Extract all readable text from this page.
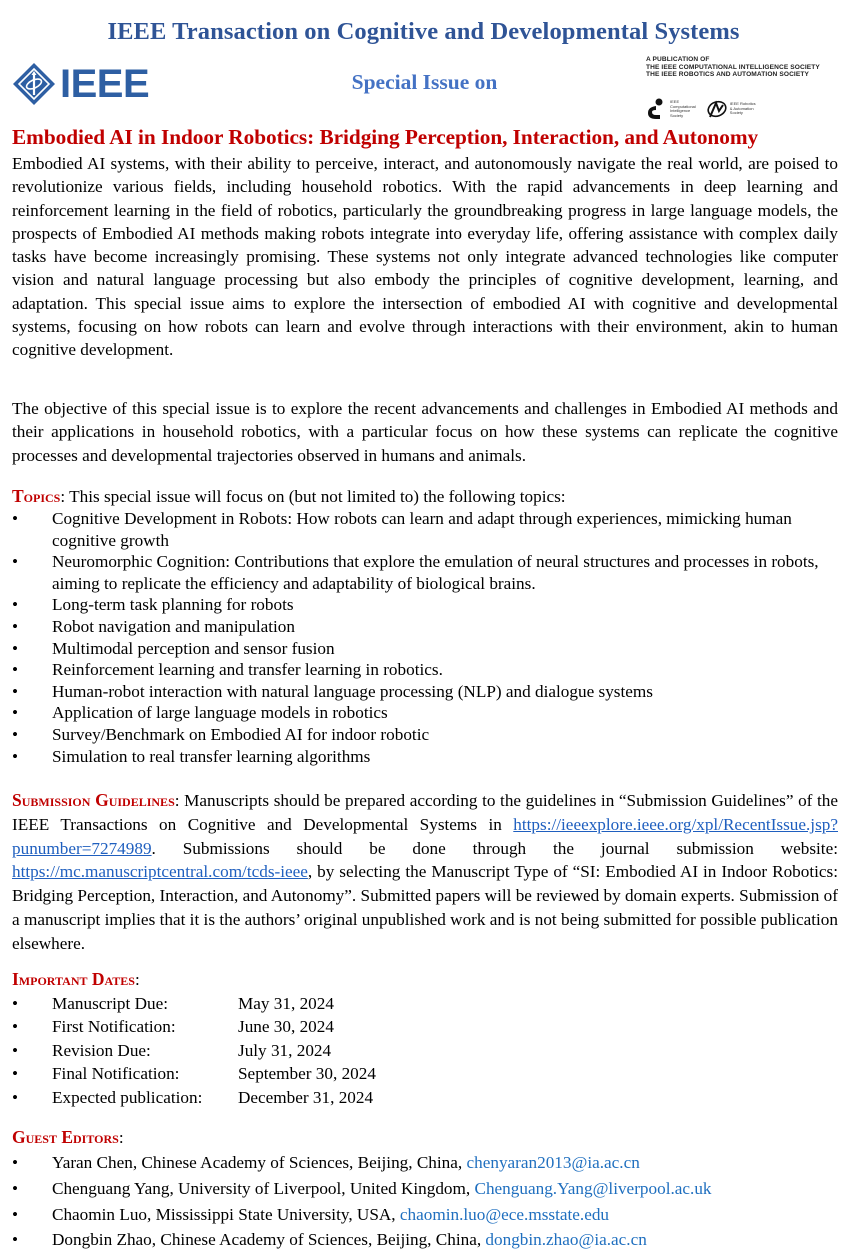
IEEE Transaction on Cognitive and Developmental Systems
IEEE	Special Issue on
A PUBLICATION OF
THE IEEE COMPUTATIONAL INTELLIGENCE SOCIETY
THE IEEE ROBOTICS AND AUTOMATION SOCIETY
IEEE
Computational
Intelligence
Society
IEEE Robotics
& Automation
Society
Embodied AI in Indoor Robotics: Bridging Perception, Interaction, and Autonomy

Embodied AI systems, with their ability to perceive, interact, and autonomously navigate the real world, are poised to revolutionize various fields, including household robotics. With the rapid advancements in deep learning and reinforcement learning in the field of robotics, particularly the groundbreaking progress in large language models, the prospects of Embodied AI methods making robots integrate into everyday life, offering assistance with complex daily tasks have become increasingly promising. These systems not only integrate advanced technologies like computer vision and natural language processing but also embody the principles of cognitive development, learning, and adaptation. This special issue aims to explore the intersection of embodied AI with cognitive and developmental systems, focusing on how robots can learn and evolve through interactions with their environment, akin to human cognitive development.

The objective of this special issue is to explore the recent advancements and challenges in Embodied AI methods and their applications in household robotics, with a particular focus on how these systems can replicate the cognitive processes and developmental trajectories observed in humans and animals.

Topics: This special issue will focus on (but not limited to) the following topics:
• Cognitive Development in Robots: How robots can learn and adapt through experiences, mimicking human cognitive growth
• Neuromorphic Cognition: Contributions that explore the emulation of neural structures and processes in robots, aiming to replicate the efficiency and adaptability of biological brains.
• Long-term task planning for robots
• Robot navigation and manipulation
• Multimodal perception and sensor fusion
• Reinforcement learning and transfer learning in robotics.
• Human-robot interaction with natural language processing (NLP) and dialogue systems
• Application of large language models in robotics
• Survey/Benchmark on Embodied AI for indoor robotic
• Simulation to real transfer learning algorithms

Submission Guidelines: Manuscripts should be prepared according to the guidelines in “Submission Guidelines” of the IEEE Transactions on Cognitive and Developmental Systems in https://ieeexplore.ieee.org/xpl/RecentIssue.jsp?punumber=7274989. Submissions should be done through the journal submission website: https://mc.manuscriptcentral.com/tcds-ieee, by selecting the Manuscript Type of “SI: Embodied AI in Indoor Robotics: Bridging Perception, Interaction, and Autonomy”. Submitted papers will be reviewed by domain experts. Submission of a manuscript implies that it is the authors’ original unpublished work and is not being submitted for possible publication elsewhere.

Important Dates:
• Manuscript Due:	May 31, 2024
• First Notification:	June 30, 2024
• Revision Due:	July 31, 2024
• Final Notification:	September 30, 2024
• Expected publication: December 31, 2024
Guest Editors:
• Yaran Chen, Chinese Academy of Sciences, Beijing, China, chenyaran2013@ia.ac.cn
• Chenguang Yang, University of Liverpool, United Kingdom, Chenguang.Yang@liverpool.ac.uk
• Chaomin Luo, Mississippi State University, USA, chaomin.luo@ece.msstate.edu
• Dongbin Zhao, Chinese Academy of Sciences, Beijing, China, dongbin.zhao@ia.ac.cn
